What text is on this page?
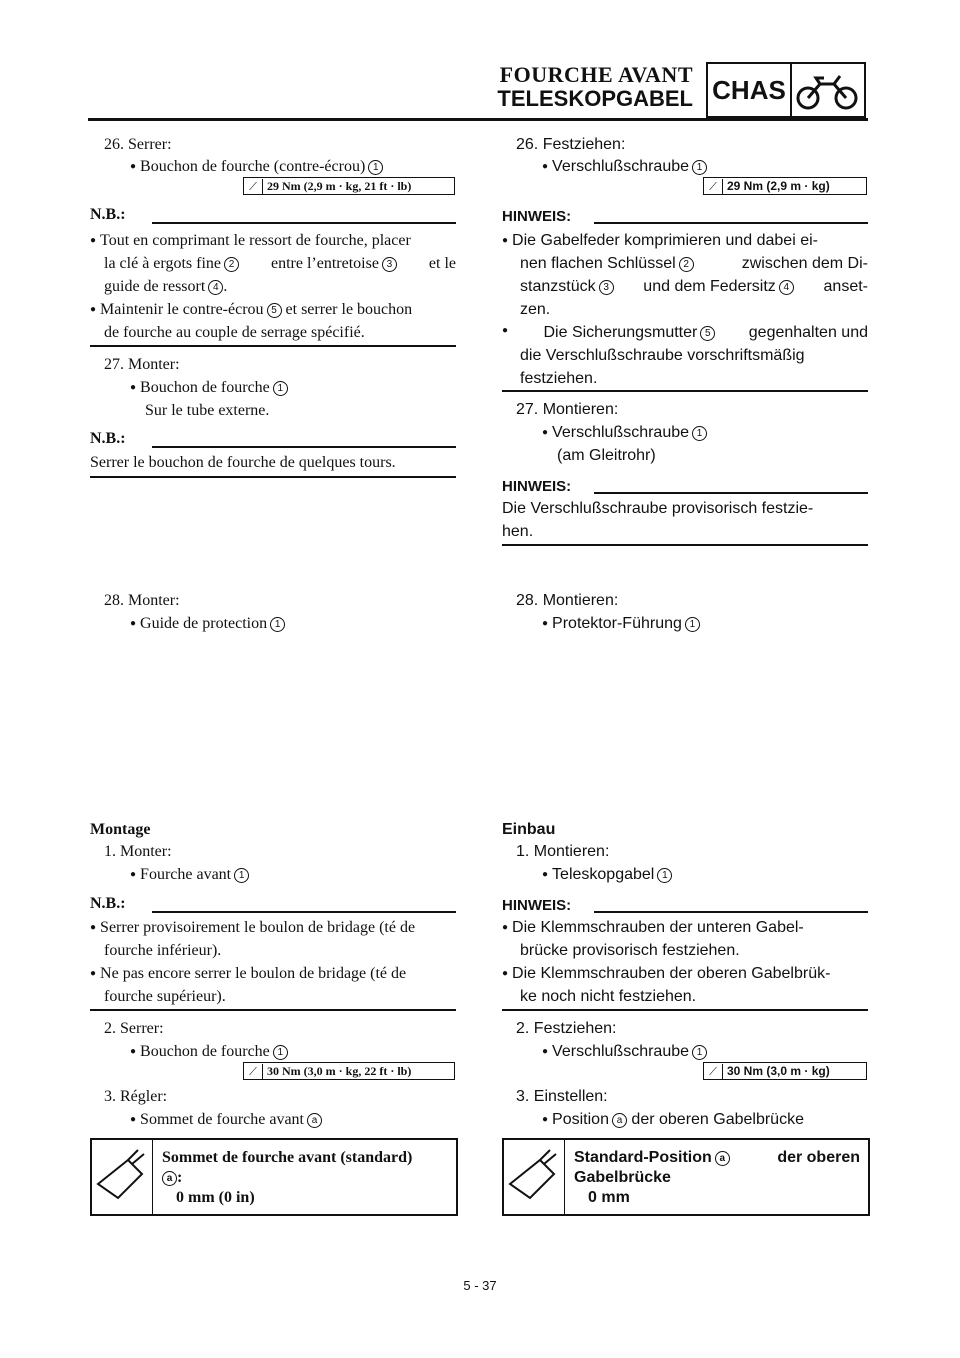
FOURCHE AVANT
TELESKOPGABEL CHAS
26. Serrer:
● Bouchon de fourche (contre-écrou) 1
⟋ 29 Nm (2,9 m · kg, 21 ft · lb)
N.B.:
● Tout en comprimant le ressort de fourche, placer
la clé à ergots fine 2 entre l’entretoise 3 et le
guide de ressort 4 .
● Maintenir le contre-écrou 5 et serrer le bouchon
de fourche au couple de serrage spécifié.
27. Monter:
● Bouchon de fourche 1
Sur le tube externe.
N.B.:
Serrer le bouchon de fourche de quelques tours.
28. Monter:
● Guide de protection 1
Montage
1. Monter:
● Fourche avant 1
N.B.:
● Serrer provisoirement le boulon de bridage (té de
fourche inférieur).
● Ne pas encore serrer le boulon de bridage (té de
fourche supérieur).
2. Serrer:
● Bouchon de fourche 1
⟋ 30 Nm (3,0 m · kg, 22 ft · lb)
3. Régler:
● Sommet de fourche avant a
Sommet de fourche avant (standard)
a :
0 mm (0 in)
26. Festziehen:
● Verschlußschraube 1
⟋ 29 Nm (2,9 m · kg)
HINWEIS:
● Die Gabelfeder komprimieren und dabei ei-
nen flachen Schlüssel 2	zwischen dem Di-
stanzstück 3 und dem Federsitz 4 anset-
zen.
● Die Sicherungsmutter 5 gegenhalten und
die Verschlußschraube vorschriftsmäßig
festziehen.
27. Montieren:
● Verschlußschraube 1
(am Gleitrohr)
HINWEIS:
Die Verschlußschraube provisorisch festzie-
hen.
28. Montieren:
● Protektor-Führung 1
Einbau
1. Montieren:
● Teleskopgabel 1
HINWEIS:
● Die Klemmschrauben der unteren Gabel-
brücke provisorisch festziehen.
● Die Klemmschrauben der oberen Gabelbrük-
ke noch nicht festziehen.
2. Festziehen:
● Verschlußschraube 1
⟋ 30 Nm (3,0 m · kg)
3. Einstellen:
● Position a der oberen Gabelbrücke
Standard-Position a	der oberen
Gabelbrücke
0 mm
5 - 37
